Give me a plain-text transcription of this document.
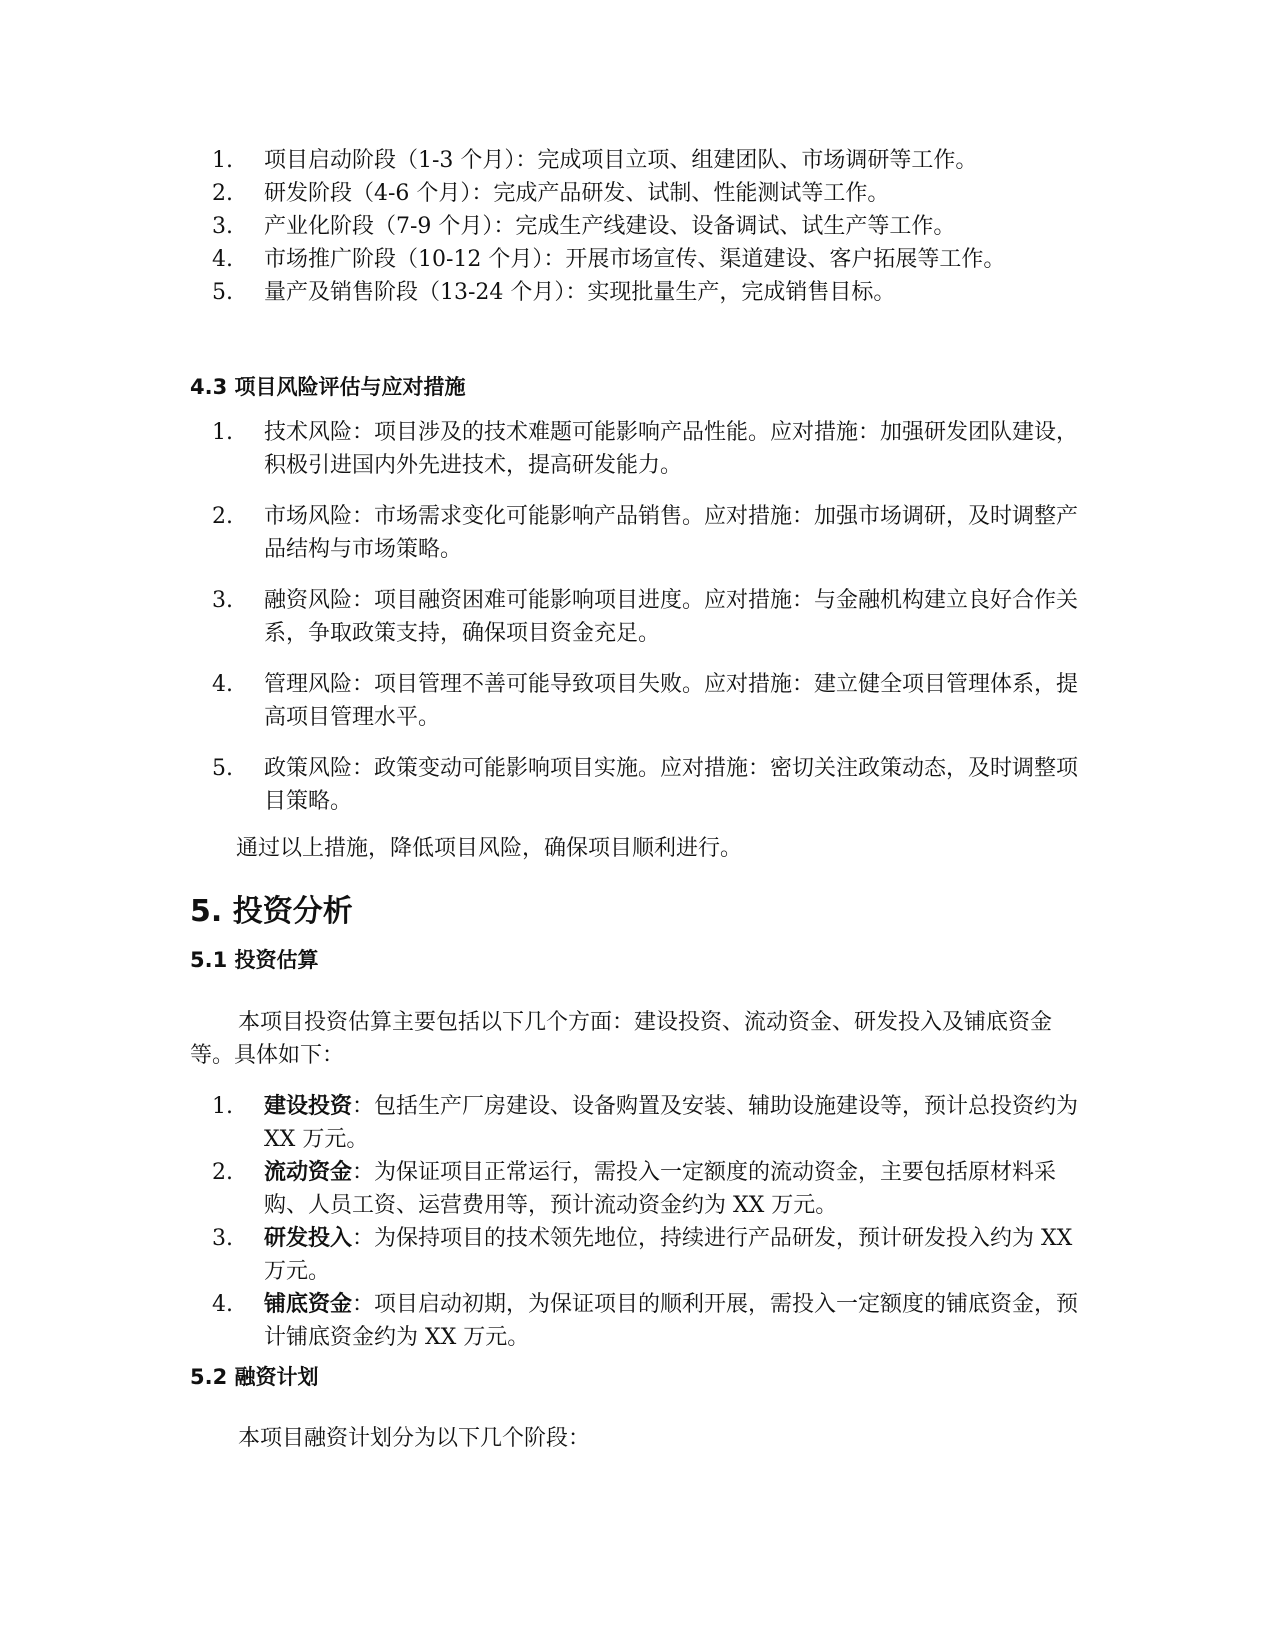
1.	项目启动阶段（1-3 个月）：完成项目立项、组建团队、市场调研等工作。
2.	研发阶段（4-6 个月）：完成产品研发、试制、性能测试等工作。
3.	产业化阶段（7-9 个月）：完成生产线建设、设备调试、试生产等工作。
4.	市场推广阶段（10-12 个月）：开展市场宣传、渠道建设、客户拓展等工作。
5.	量产及销售阶段（13-24 个月）：实现批量生产，完成销售目标。
4.3 项目风险评估与应对措施
1.	技术风险：项目涉及的技术难题可能影响产品性能。应对措施：加强研发团队建设，积极引进国内外先进技术，提高研发能力。
2.	市场风险：市场需求变化可能影响产品销售。应对措施：加强市场调研，及时调整产品结构与市场策略。
3.	融资风险：项目融资困难可能影响项目进度。应对措施：与金融机构建立良好合作关系，争取政策支持，确保项目资金充足。
4.	管理风险：项目管理不善可能导致项目失败。应对措施：建立健全项目管理体系，提高项目管理水平。
5.	政策风险：政策变动可能影响项目实施。应对措施：密切关注政策动态，及时调整项目策略。

通过以上措施，降低项目风险，确保项目顺利进行。

5. 投资分析
5.1 投资估算

本项目投资估算主要包括以下几个方面：建设投资、流动资金、研发投入及铺底资金等。具体如下：

1.	建设投资：包括生产厂房建设、设备购置及安装、辅助设施建设等，预计总投资约为 XX 万元。
2.	流动资金：为保证项目正常运行，需投入一定额度的流动资金，主要包括原材料采购、人员工资、运营费用等，预计流动资金约为 XX 万元。
3.	研发投入：为保持项目的技术领先地位，持续进行产品研发，预计研发投入约为 XX 万元。
4.	铺底资金：项目启动初期，为保证项目的顺利开展，需投入一定额度的铺底资金，预计铺底资金约为 XX 万元。
5.2 融资计划

本项目融资计划分为以下几个阶段：
